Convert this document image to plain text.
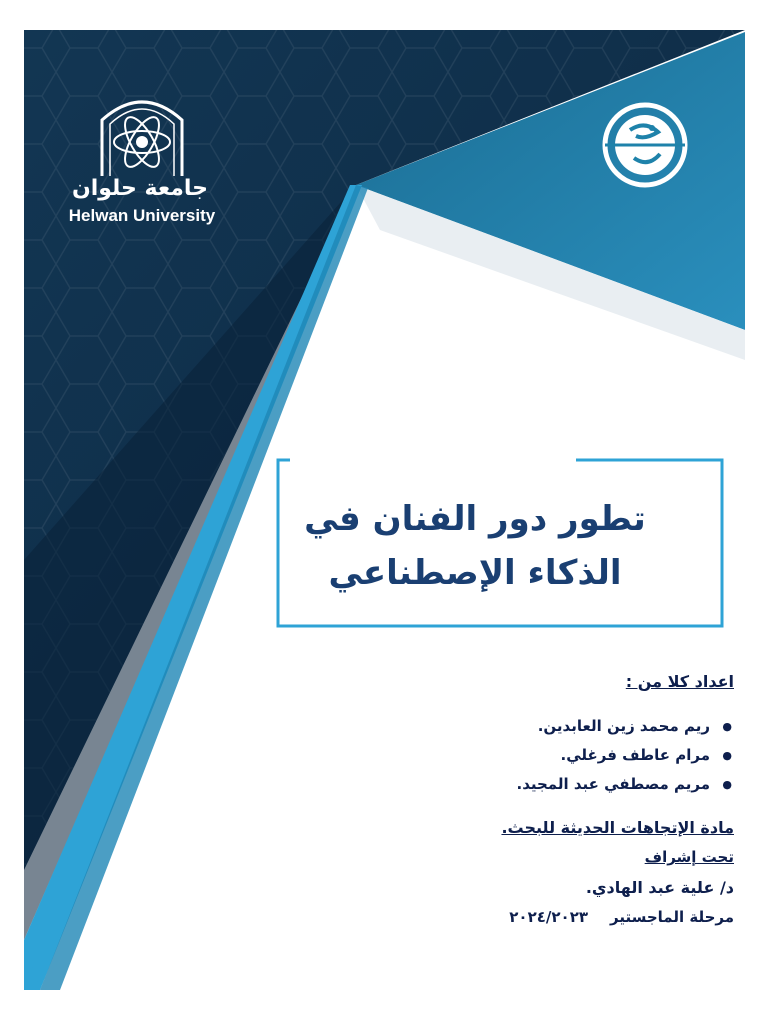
جامعة حلوان
Helwan University
تطور دور الفنان في
الذكاء الإصطناعي
اعداد كلا من :
● ريم محمد زين العابدين.
● مرام عاطف فرغلي.
● مريم مصطفي عبد المجيد.
مادة الإتجاهات الحديثة للبحث.
تحت إشراف
د/ علية عبد الهادي.
مرحلة الماجستير٢٠٢٤/٢٠٢٣
